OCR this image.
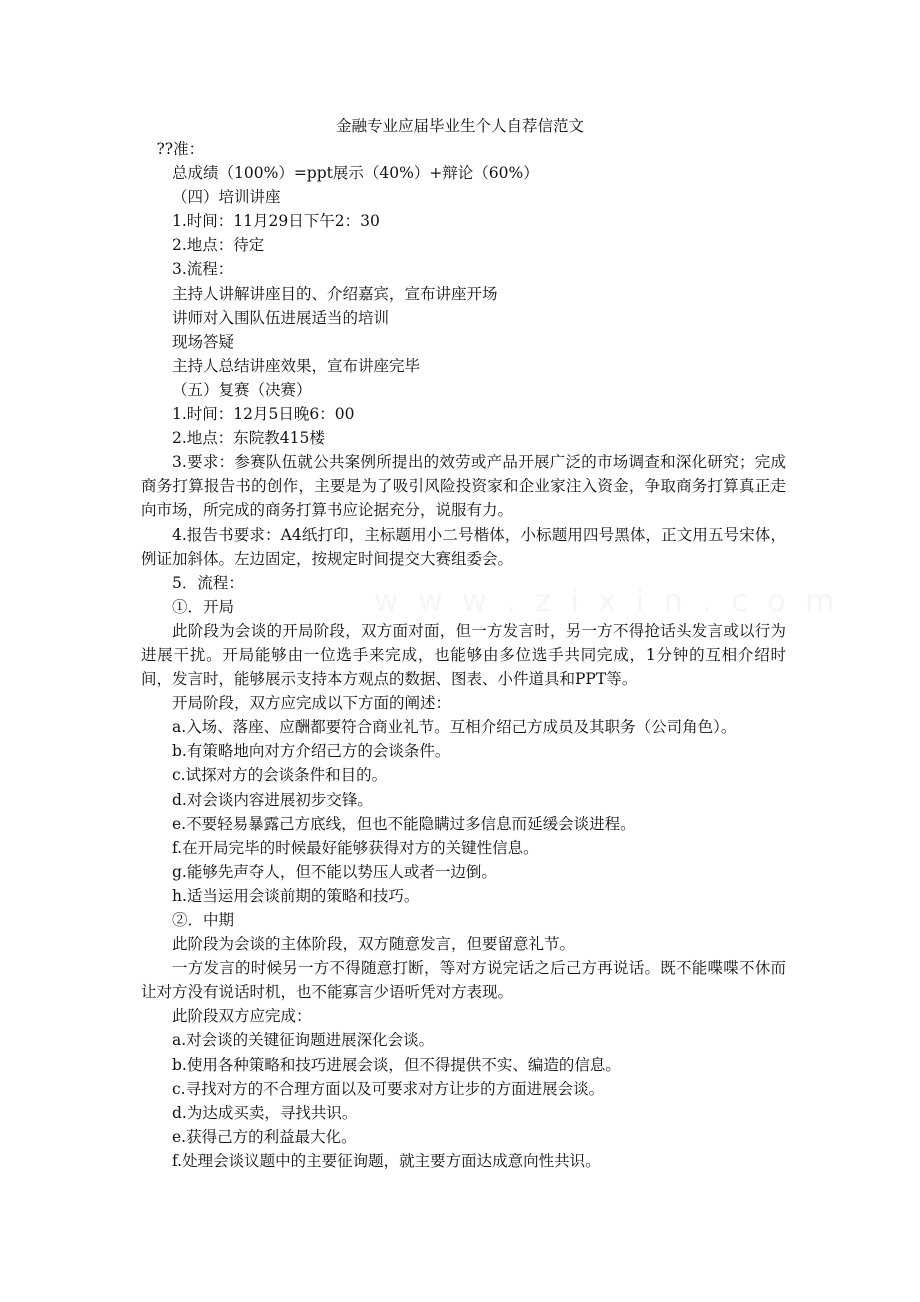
金融专业应届毕业生个人自荐信范文

??准：

总成绩（100%）=ppt展示（40%）+辩论（60%）

（四）培训讲座

1.时间：11月29日下午2：30

2.地点：待定

3.流程：

主持人讲解讲座目的、介绍嘉宾，宣布讲座开场

讲师对入围队伍进展适当的培训

现场答疑

主持人总结讲座效果，宣布讲座完毕

（五）复赛（决赛）

1.时间：12月5日晚6：00

2.地点：东院教415楼

3.要求：参赛队伍就公共案例所提出的效劳或产品开展广泛的市场调查和深化研究；完成商务打算报告书的创作，主要是为了吸引风险投资家和企业家注入资金，争取商务打算真正走向市场，所完成的商务打算书应论据充分，说服有力。

4.报告书要求：A4纸打印，主标题用小二号楷体，小标题用四号黑体，正文用五号宋体，例证加斜体。左边固定，按规定时间提交大赛组委会。

5．流程：

①．开局

此阶段为会谈的开局阶段，双方面对面，但一方发言时，另一方不得抢话头发言或以行为进展干扰。开局能够由一位选手来完成，也能够由多位选手共同完成，1分钟的互相介绍时间，发言时，能够展示支持本方观点的数据、图表、小件道具和PPT等。

开局阶段，双方应完成以下方面的阐述：

a.入场、落座、应酬都要符合商业礼节。互相介绍己方成员及其职务（公司角色）。

b.有策略地向对方介绍己方的会谈条件。

c.试探对方的会谈条件和目的。

d.对会谈内容进展初步交锋。

e.不要轻易暴露己方底线，但也不能隐瞒过多信息而延缓会谈进程。

f.在开局完毕的时候最好能够获得对方的关键性信息。

g.能够先声夺人，但不能以势压人或者一边倒。

h.适当运用会谈前期的策略和技巧。

②．中期

此阶段为会谈的主体阶段，双方随意发言，但要留意礼节。

一方发言的时候另一方不得随意打断，等对方说完话之后己方再说话。既不能喋喋不休而让对方没有说话时机，也不能寡言少语听凭对方表现。

此阶段双方应完成：

a.对会谈的关键征询题进展深化会谈。

b.使用各种策略和技巧进展会谈，但不得提供不实、编造的信息。

c.寻找对方的不合理方面以及可要求对方让步的方面进展会谈。

d.为达成买卖，寻找共识。

e.获得己方的利益最大化。

f.处理会谈议题中的主要征询题，就主要方面达成意向性共识。
